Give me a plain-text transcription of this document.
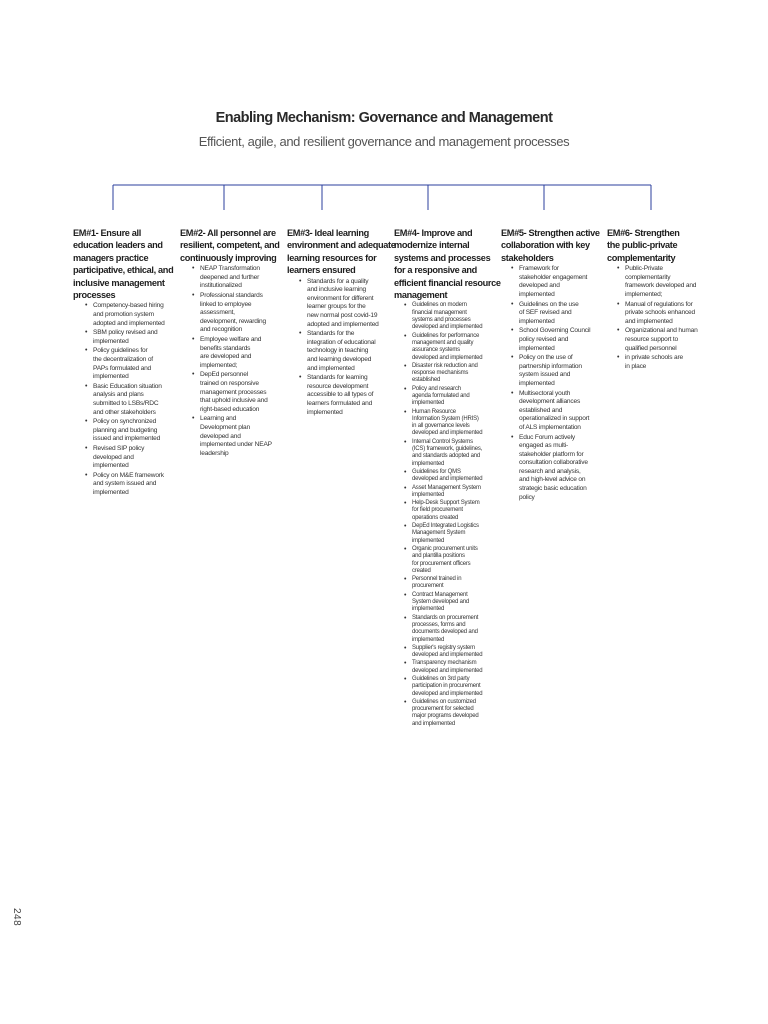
Enabling Mechanism: Governance and Management
Efficient, agile, and resilient governance and management processes
EM#1- Ensure all
education leaders and
managers practice
participative, ethical, and
inclusive management
processes
• Competency-based hiring
and promotion system
adopted and implemented
• SBM policy revised and
implemented
• Policy guidelines for
the decentralization of
PAPs formulated and
implemented
• Basic Education situation
analysis and plans
submitted to LSBs/RDC
and other stakeholders
• Policy on synchronized
planning and budgeting
issued and implemented
• Revised SIP policy
developed and
implemented
• Policy on M&E framework
and system issued and
implemented
EM#2- All personnel are
resilient, competent, and
continuously improving
• NEAP Transformation
deepened and further
institutionalized
• Professional standards
linked to employee
assessment,
development, rewarding
and recognition
• Employee welfare and
benefits standards
are developed and
implemented;
• DepEd personnel
trained on responsive
management processes
that uphold inclusive and
right-based education
• Learning and
Development plan
developed and
implemented under NEAP
leadership
EM#3- Ideal learning
environment and adequate
learning resources for
learners ensured
• Standards for a quality
and inclusive learning
environment for different
learner groups for the
new normal post covid-19
adopted and implemented
• Standards for the
integration of educational
technology in teaching
and learning developed
and implemented
• Standards for learning
resource development
accessible to all types of
learners formulated and
implemented
EM#4- Improve and
modernize internal
systems and processes
for a responsive and
efficient financial resource
management
• Guidelines on modern
financial management
systems and processes
developed and implemented
• Guidelines for performance
management and quality
assurance systems
developed and implemented
• Disaster risk reduction and
response mechanisms
established
• Policy and research
agenda formulated and
implemented
• Human Resource
Information System (HRIS)
in all governance levels
developed and implemented
• Internal Control Systems
(ICS) framework, guidelines,
and standards adopted and
implemented
• Guidelines for QMS
developed and implemented
• Asset Management System
implemented
• Help-Desk Support System
for field procurement
operations created
• DepEd Integrated Logistics
Management System
implemented
• Organic procurement units
and plantilla positions
for procurement officers
created
• Personnel trained in
procurement
• Contract Management
System developed and
implemented
• Standards on procurement
processes, forms and
documents developed and
implemented
• Supplier's registry system
developed and implemented
• Transparency mechanism
developed and implemented
• Guidelines on 3rd party
participation in procurement
developed and implemented
• Guidelines on customized
procurement for selected
major programs developed
and implemented
EM#5- Strengthen active
collaboration with key
stakeholders
• Framework for
stakeholder engagement
developed and
implemented
• Guidelines on the use
of SEF revised and
implemented
• School Governing Council
policy revised and
implemented
• Policy on the use of
partnership information
system issued and
implemented
• Multisectoral youth
development alliances
established and
operationalized in support
of ALS implementation
• Educ Forum actively
engaged as multi-
stakeholder platform for
consultation collaborative
research and analysis,
and high-level advice on
strategic basic education
policy
EM#6- Strengthen
the public-private
complementarity
• Public-Private
complementarity
framework developed and
implemented;
• Manual of regulations for
private schools enhanced
and implemented
• Organizational and human
resource support to
qualified personnel
• in private schools are
in place
248
